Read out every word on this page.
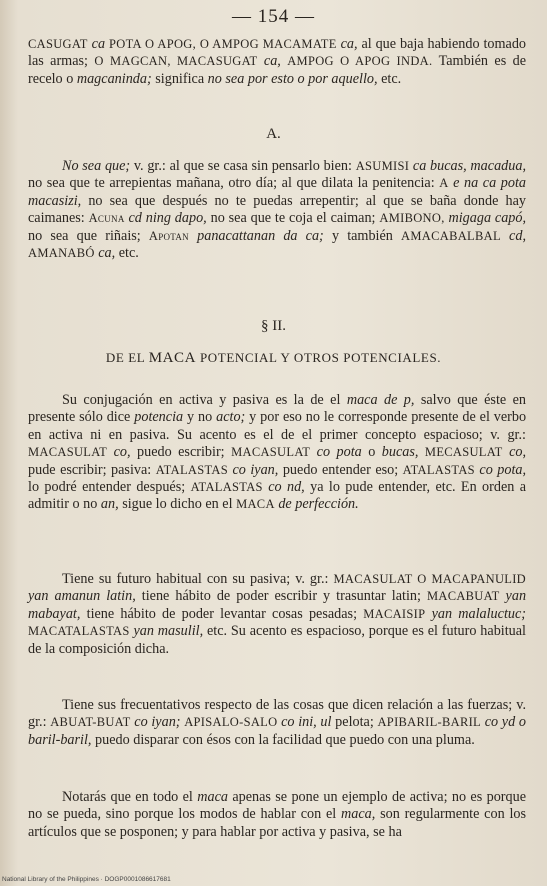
— 154 —
CASUGAT ca POTA O APOG, O AMPOG MACAMATE ca, al que baja habiendo tomado las armas; O MAGCAN, MACASUGAT ca, AMPOG O APOG INDA. También es de recelo o magcaninda; significa no sea por esto o por aquello, etc.
A.
No sea que; v. gr.: al que se casa sin pensarlo bien: ASUMISI ca bucas, macadua, no sea que te arrepientas mañana, otro día; al que dilata la penitencia: A e na ca pota macasizi, no sea que después no te puedas arrepentir; al que se baña donde hay caimanes: Acuna cd ning dapo, no sea que te coja el caiman; AMIBONO, migaga capó, no sea que riñais; Apotan panacattanan da ca; y también AMACABALBAL cd, AMANABÓ ca, etc.
§ II.
DE EL MACA POTENCIAL Y OTROS POTENCIALES.
Su conjugación en activa y pasiva es la de el maca de p, salvo que éste en presente sólo dice potencia y no acto; y por eso no le corresponde presente de el verbo en activa ni en pasiva. Su acento es el de el primer concepto espacioso; v. gr.: MACASULAT co, puedo escribir; MACASULAT co pota o bucas, MECASULAT co, pude escribir; pasiva: ATALASTAS co iyan, puedo entender eso; ATALASTAS co pota, lo podré entender después; ATALASTAS co nd, ya lo pude entender, etc. En orden a admitir o no an, sigue lo dicho en el MACA de perfección.
Tiene su futuro habitual con su pasiva; v. gr.: MACASULAT O MACAPANULID yan amanun latin, tiene hábito de poder escribir y trasuntar latin; MACABUAT yan mabayat, tiene hábito de poder levantar cosas pesadas; MACAISIP yan malaluctuc; MACATALASTAS yan masulil, etc. Su acento es espacioso, porque es el futuro habitual de la composición dicha.
Tiene sus frecuentativos respecto de las cosas que dicen relación a las fuerzas; v. gr.: ABUAT-BUAT co iyan; APISALO-SALO co ini, ul pelota; APIBARIL-BARIL co yd o baril-baril, puedo disparar con ésos con la facilidad que puedo con una pluma.
Notarás que en todo el maca apenas se pone un ejemplo de activa; no es porque no se pueda, sino porque los modos de hablar con el maca, son regularmente con los artículos que se posponen; y para hablar por activa y pasiva, se ha
National Library of the Philippines · DOGP0001086617681
